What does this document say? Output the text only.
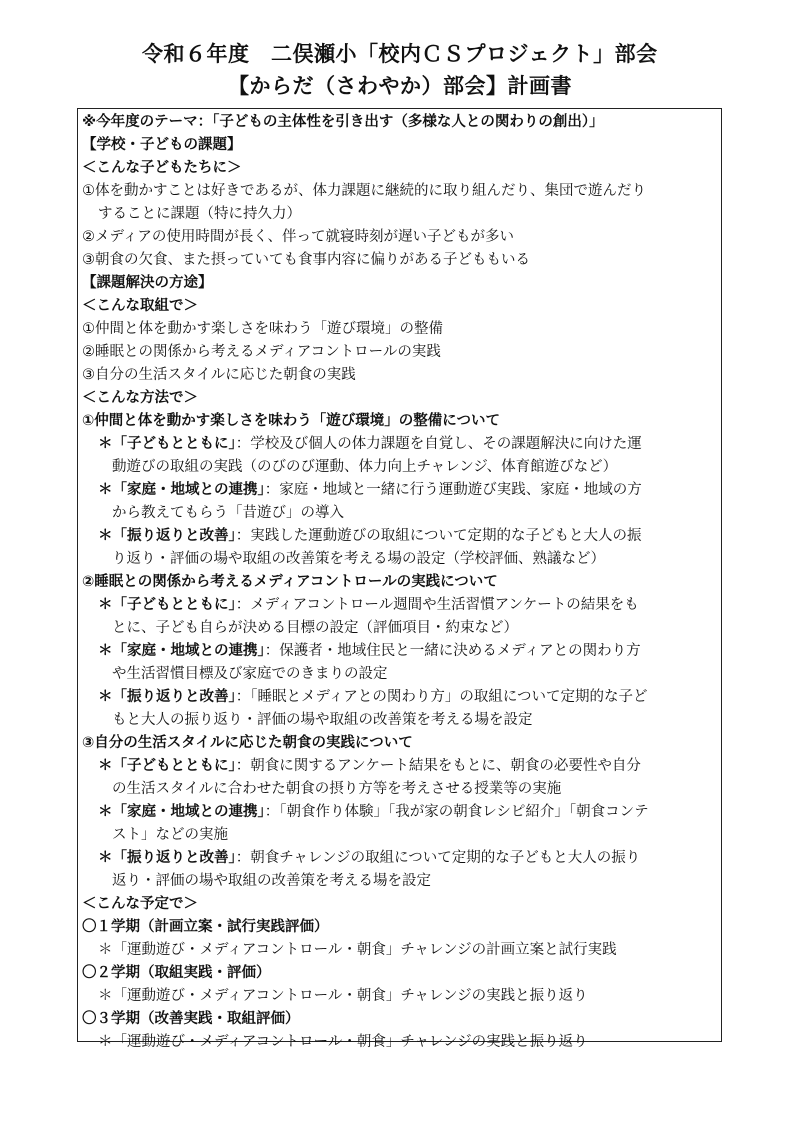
令和６年度　二俣瀬小「校内ＣＳプロジェクト」部会
【からだ（さわやか）部会】計画書
※今年度のテーマ：「子どもの主体性を引き出す（多様な人との関わりの創出）」
【学校・子どもの課題】
＜こんな子どもたちに＞
①体を動かすことは好きであるが、体力課題に継続的に取り組んだり、集団で遊んだり
することに課題（特に持久力）
②メディアの使用時間が長く、伴って就寝時刻が遅い子どもが多い
③朝食の欠食、また摂っていても食事内容に偏りがある子どももいる
【課題解決の方途】
＜こんな取組で＞
①仲間と体を動かす楽しさを味わう「遊び環境」の整備
②睡眠との関係から考えるメディアコントロールの実践
③自分の生活スタイルに応じた朝食の実践
＜こんな方法で＞
①仲間と体を動かす楽しさを味わう「遊び環境」の整備について
＊「子どもとともに」：学校及び個人の体力課題を自覚し、その課題解決に向けた運
動遊びの取組の実践（のびのび運動、体力向上チャレンジ、体育館遊びなど）
＊「家庭・地域との連携」：家庭・地域と一緒に行う運動遊び実践、家庭・地域の方
から教えてもらう「昔遊び」の導入
＊「振り返りと改善」：実践した運動遊びの取組について定期的な子どもと大人の振
り返り・評価の場や取組の改善策を考える場の設定（学校評価、熟議など）
②睡眠との関係から考えるメディアコントロールの実践について
＊「子どもとともに」：メディアコントロール週間や生活習慣アンケートの結果をも
とに、子ども自らが決める目標の設定（評価項目・約束など）
＊「家庭・地域との連携」：保護者・地域住民と一緒に決めるメディアとの関わり方
や生活習慣目標及び家庭でのきまりの設定
＊「振り返りと改善」：「睡眠とメディアとの関わり方」の取組について定期的な子ど
もと大人の振り返り・評価の場や取組の改善策を考える場を設定
③自分の生活スタイルに応じた朝食の実践について
＊「子どもとともに」：朝食に関するアンケート結果をもとに、朝食の必要性や自分
の生活スタイルに合わせた朝食の摂り方等を考えさせる授業等の実施
＊「家庭・地域との連携」：「朝食作り体験」「我が家の朝食レシピ紹介」「朝食コンテ
スト」などの実施
＊「振り返りと改善」：朝食チャレンジの取組について定期的な子どもと大人の振り
返り・評価の場や取組の改善策を考える場を設定
＜こんな予定で＞
〇１学期（計画立案・試行実践評価）
＊「運動遊び・メディアコントロール・朝食」チャレンジの計画立案と試行実践
〇２学期（取組実践・評価）
＊「運動遊び・メディアコントロール・朝食」チャレンジの実践と振り返り
〇３学期（改善実践・取組評価）
＊「運動遊び・メディアコントロール・朝食」チャレンジの実践と振り返り
